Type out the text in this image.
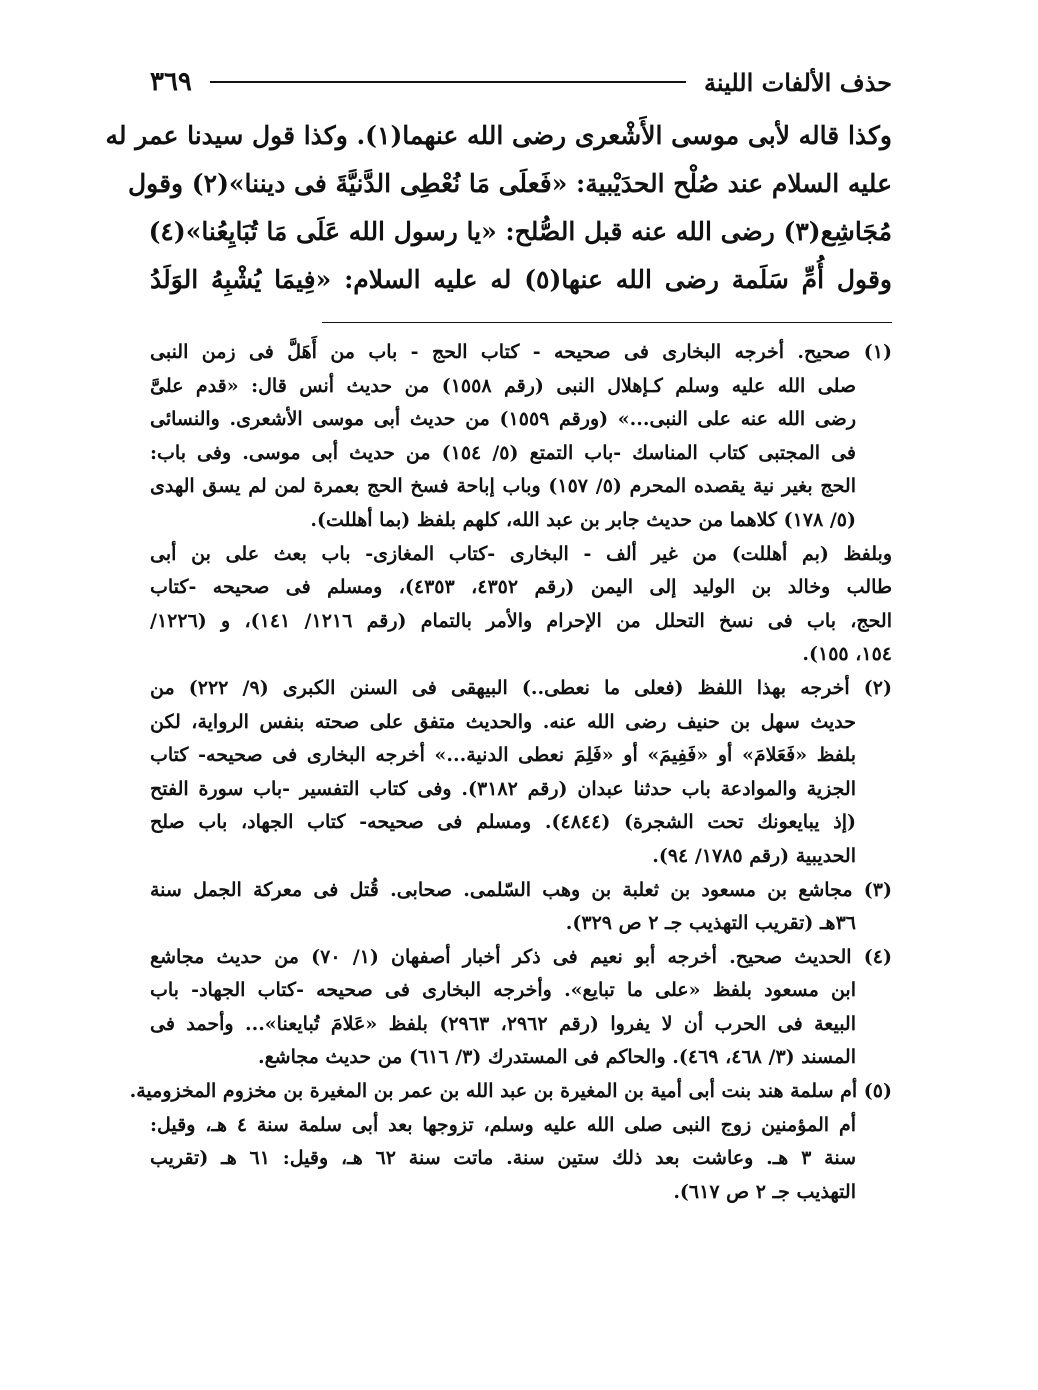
حذف الألفات اللينة
٣٦٩
وكذا قاله لأبى موسى الأَشْعرى رضى الله عنهما(١). وكذا قول سيدنا عمر له
عليه السلام عند صُلْح الحدَيْبية: «فَعلَى مَا نُعْطِى الدَّنيَّةَ فى ديننا»(٢) وقول
مُجَاشِع(٣) رضى الله عنه قبل الصُّلح: «يا رسول الله عَلَى مَا تُبَايِعُنا»(٤)
وقول أُمِّ سَلَمة رضى الله عنها(٥) له عليه السلام: «فِيمَا يُشْبِهُ الوَلَدُ
(١) صحيح. أخرجه البخارى فى صحيحه - كتاب الحج - باب من أَهَلَّ فى زمن النبى
صلى الله عليه وسلم كـإهلال النبى (رقم ١٥٥٨) من حديث أنس قال: «قدم علىَّ
رضى الله عنه على النبى...» (ورقم ١٥٥٩) من حديث أبى موسى الأشعرى. والنسائى
فى المجتبى كتاب المناسك -باب التمتع (٥/ ١٥٤) من حديث أبى موسى. وفى باب:
الحج بغير نية يقصده المحرم (٥/ ١٥٧) وباب إباحة فسخ الحج بعمرة لمن لم يسق الهدى
(٥/ ١٧٨) كلاهما من حديث جابر بن عبد الله، كلهم بلفظ (بما أهللت).
وبلفظ (بم أهللت) من غير ألف - البخارى -كتاب المغازى- باب بعث على بن أبى
طالب وخالد بن الوليد إلى اليمن (رقم ٤٣٥٢، ٤٣٥٣)، ومسلم فى صحيحه -كتاب
الحج، باب فى نسخ التحلل من الإحرام والأمر بالتمام (رقم ١٢١٦/ ١٤١)، و (١٢٢٦/
١٥٤، ١٥٥).
(٢) أخرجه بهذا اللفظ (فعلى ما نعطى..) البيهقى فى السنن الكبرى (٩/ ٢٢٢) من
حديث سهل بن حنيف رضى الله عنه. والحديث متفق على صحته بنفس الرواية، لكن
بلفظ «فَعَلامَ» أو «فَفِيمَ» أو «فَلِمَ نعطى الدنية...» أخرجه البخارى فى صحيحه- كتاب
الجزية والموادعة باب حدثنا عبدان (رقم ٣١٨٢). وفى كتاب التفسير -باب سورة الفتح
(إذ يبايعونك تحت الشجرة) (٤٨٤٤). ومسلم فى صحيحه- كتاب الجهاد، باب صلح
الحديبية (رقم ١٧٨٥/ ٩٤).
(٣) مجاشع بن مسعود بن ثعلبة بن وهب السّلمى. صحابى. قُتل فى معركة الجمل سنة
٣٦هـ (تقريب التهذيب جـ ٢ ص ٣٢٩).
(٤) الحديث صحيح. أخرجه أبو نعيم فى ذكر أخبار أصفهان (١/ ٧٠) من حديث مجاشع
ابن مسعود بلفظ «على ما تبايع». وأخرجه البخارى فى صحيحه -كتاب الجهاد- باب
البيعة فى الحرب أن لا يفروا (رقم ٢٩٦٢، ٢٩٦٣) بلفظ «عَلامَ تُبايعنا»... وأحمد فى
المسند (٣/ ٤٦٨، ٤٦٩). والحاكم فى المستدرك (٣/ ٦١٦) من حديث مجاشع.
(٥) أم سلمة هند بنت أبى أمية بن المغيرة بن عبد الله بن عمر بن المغيرة بن مخزوم المخزومية.
أم المؤمنين زوج النبى صلى الله عليه وسلم، تزوجها بعد أبى سلمة سنة ٤ هـ، وقيل:
سنة ٣ هـ. وعاشت بعد ذلك ستين سنة. ماتت سنة ٦٢ هـ، وقيل: ٦١ هـ (تقريب
التهذيب جـ ٢ ص ٦١٧).
